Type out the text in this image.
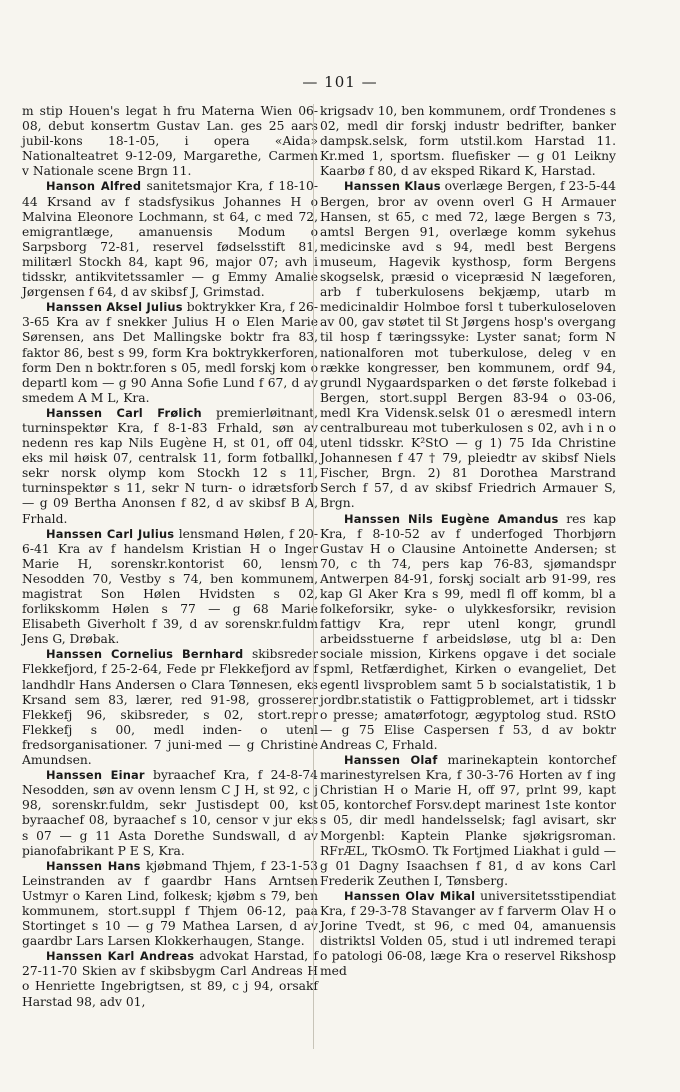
— 101 —

m stip Houen's legat h fru Materna Wien 06-08, debut konsertm Gustav Lan. ges 25 aars jubil-kons 18-1-05, i opera «Aida» Nationalteatret 9-12-09, Margarethe, Carmen v Nationale scene Brgn 11.

Hanson Alfred sanitetsmajor Kra, f 18-10-44 Krsand av f stadsfysikus Johannes H o Malvina Eleonore Lochmann, st 64, c med 72, emigrantlæge, amanuensis Modum o Sarpsborg 72-81, reservel fødselsstift 81, militærl Stockh 84, kapt 96, major 07; avh i tidsskr, antikvitetssamler — g Emmy Amalie Jørgensen f 64, d av skibsf J, Grimstad.

Hanssen Aksel Julius boktrykker Kra, f 26-3-65 Kra av f snekker Julius H o Elen Marie Sørensen, ans Det Mallingske boktr fra 83, faktor 86, best s 99, form Kra boktrykkerforen, form Den n boktr.foren s 05, medl forskj kom o departl kom — g 90 Anna Sofie Lund f 67, d av smedem A M L, Kra.

Hanssen Carl Frølich premierløitnant, turninspektør Kra, f 8-1-83 Frhald, søn av nedenn res kap Nils Eugène H, st 01, off 04, eks mil høisk 07, centralsk 11, form fotballkl, sekr norsk olymp kom Stockh 12 s 11, turninspektør s 11, sekr N turn- o idrætsforb — g 09 Bertha Anonsen f 82, d av skibsf B A, Frhald.

Hanssen Carl Julius lensmand Hølen, f 20-6-41 Kra av f handelsm Kristian H o Inger Marie H, sorenskr.kontorist 60, lensm Nesodden 70, Vestby s 74, ben kommunem, magistrat Son Hølen Hvidsten s 02, forlikskomm Hølen s 77 — g 68 Marie Elisabeth Giverholt f 39, d av sorenskr.fuldm Jens G, Drøbak.

Hanssen Cornelius Bernhard skibsreder Flekkefjord, f 25-2-64, Fede pr Flekkefjord av f landhdlr Hans Andersen o Clara Tønnesen, eks Krsand sem 83, lærer, red 91-98, grosserer Flekkefj 96, skibsreder, s 02, stort.repr Flekkefj s 00, medl inden- o utenl fredsorganisationer. 7 juni-med — g Christine Amundsen.

Hanssen Einar byraachef Kra, f 24-8-74 Nesodden, søn av ovenn lensm C J H, st 92, c j 98, sorenskr.fuldm, sekr Justisdept 00, kst byraachef 08, byraachef s 10, censor v jur eks s 07 — g 11 Asta Dorethe Sundswall, d av pianofabrikant P E S, Kra.

Hanssen Hans kjøbmand Thjem, f 23-1-53 Leinstranden av f gaardbr Hans Arntsen Ustmyr o Karen Lind, folkesk; kjøbm s 79, ben kommunem, stort.suppl f Thjem 06-12, paa Stortinget s 10 — g 79 Mathea Larsen, d av gaardbr Lars Larsen Klokkerhaugen, Stange.

Hanssen Karl Andreas advokat Harstad, f 27-11-70 Skien av f skibsbygm Carl Andreas H o Henriette Ingebrigtsen, st 89, c j 94, orsakf Harstad 98, adv 01,

krigsadv 10, ben kommunem, ordf Trondenes s 02, medl dir forskj industr bedrifter, banker dampsk.selsk, form utstil.kom Harstad 11. Kr.med 1, sportsm. fluefisker — g 01 Leikny Kaarbø f 80, d av eksped Rikard K, Harstad.

Hanssen Klaus overlæge Bergen, f 23-5-44 Bergen, bror av ovenn overl G H Armauer Hansen, st 65, c med 72, læge Bergen s 73, amtsl Bergen 91, overlæge komm sykehus medicinske avd s 94, medl best Bergens museum, Hagevik kysthosp, form Bergens skogselsk, præsid o vicepræsid N lægeforen, arb f tuberkulosens bekjæmp, utarb m medicinaldir Holmboe forsl t tuberkuloseloven av 00, gav støtet til St Jørgens hosp's overgang til hosp f tæringssyke: Lyster sanat; form N nationalforen mot tuberkulose, deleg v en række kongresser, ben kommunem, ordf 94, grundl Nygaardsparken o det første folkebad i Bergen, stort.suppl Bergen 83-94 o 03-06, medl Kra Vidensk.selsk 01 o æresmedl intern centralbureau mot tuberkulosen s 02, avh i n o utenl tidsskr. K²StO — g 1) 75 Ida Christine Johannesen f 47 † 79, pleiedtr av skibsf Niels Fischer, Brgn. 2) 81 Dorothea Marstrand Serch f 57, d av skibsf Friedrich Armauer S, Brgn.

Hanssen Nils Eugène Amandus res kap Kra, f 8-10-52 av f underfoged Thorbjørn Gustav H o Clausine Antoinette Andersen; st 70, c th 74, pers kap 76-83, sjømandspr Antwerpen 84-91, forskj socialt arb 91-99, res kap Gl Aker Kra s 99, medl fl off komm, bl a folkeforsikr, syke- o ulykkesforsikr, revision fattigv Kra, repr utenl kongr, grundl arbeidsstuerne f arbeidsløse, utg bl a: Den sociale mission, Kirkens opgave i det sociale spml, Retfærdighet, Kirken o evangeliet, Det egentl livsproblem samt 5 b socialstatistik, 1 b jordbr.statistik o Fattigproblemet, art i tidsskr o presse; amatørfotogr, ægyptolog stud. RStO — g 75 Elise Caspersen f 53, d av boktr Andreas C, Frhald.

Hanssen Olaf marinekaptein kontorchef marinestyrelsen Kra, f 30-3-76 Horten av f ing Christian H o Marie H, off 97, prlnt 99, kapt 05, kontorchef Forsv.dept marinest 1ste kontor s 05, dir medl handelsselsk; fagl avisart, skr Morgenbl: Kaptein Planke sjøkrigsroman. RFrÆL, TkOsmO. Tk Fortjmed Liakhat i guld — g 01 Dagny Isaachsen f 81, d av kons Carl Frederik Zeuthen I, Tønsberg.

Hanssen Olav Mikal universitetsstipendiat Kra, f 29-3-78 Stavanger av f farverm Olav H o Jorine Tvedt, st 96, c med 04, amanuensis distriktsl Volden 05, stud i utl indremed terapi o patologi 06-08, læge Kra o reservel Rikshosp med
